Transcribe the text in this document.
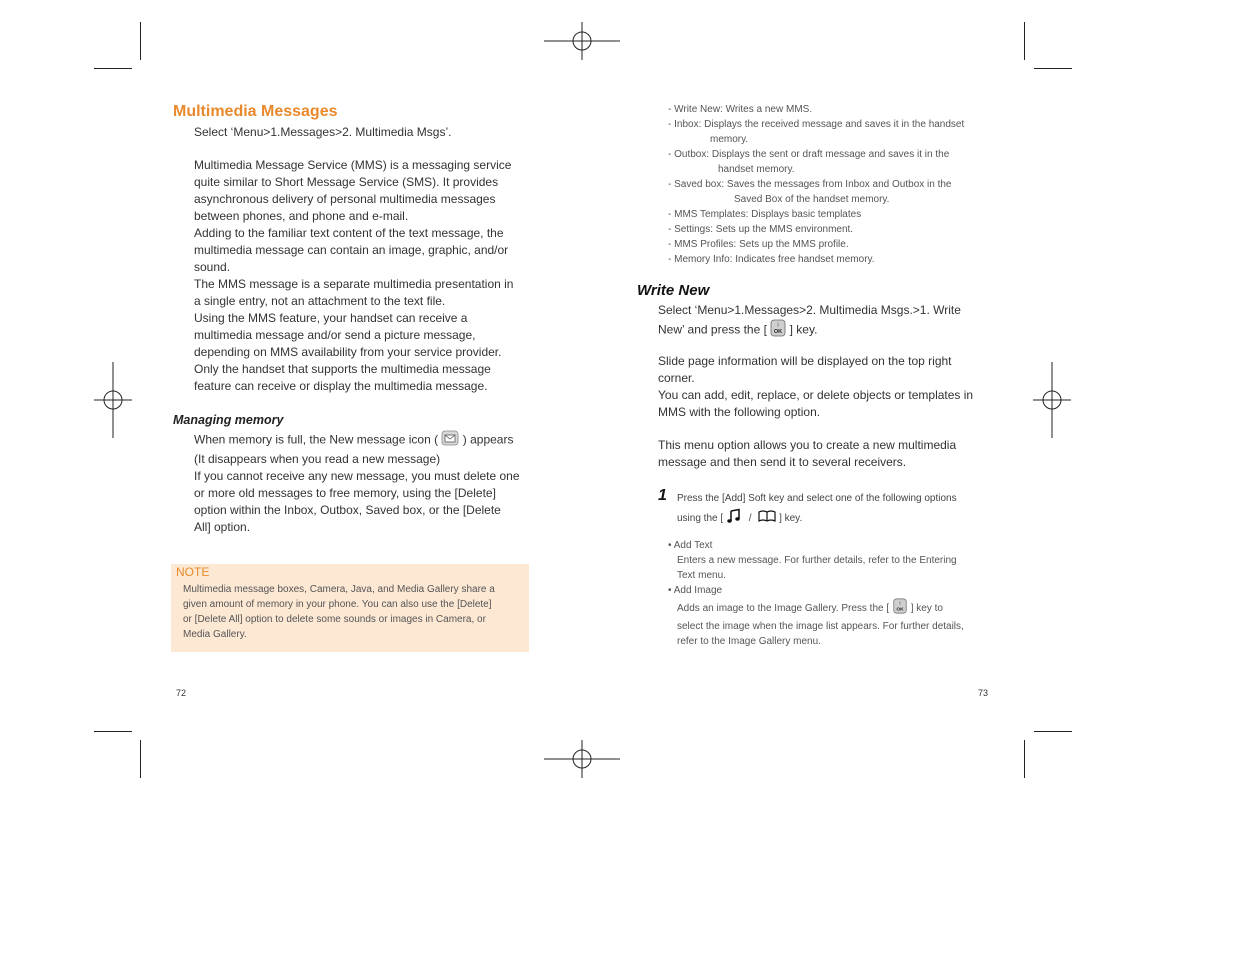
Multimedia Messages
Select ‘Menu>1.Messages>2. Multimedia Msgs’.

Multimedia Message Service (MMS) is a messaging service

quite similar to Short Message Service (SMS). It provides

asynchronous delivery of personal multimedia messages

between phones, and phone and e-mail.

Adding to the familiar text content of the text message, the

multimedia message can contain an image, graphic, and/or

sound.

The MMS message is a separate multimedia presentation in

a single entry, not an attachment to the text file.

Using the MMS feature, your handset can receive a

multimedia message and/or send a picture message,

depending on MMS availability from your service provider.

Only the handset that supports the multimedia message

feature can receive or display the multimedia message.

Managing memory

When memory is full, the New message icon ( ) appears

(It disappears when you read a new message)

If you cannot receive any new message, you must delete one

or more old messages to free memory, using the [Delete]

option within the Inbox, Outbox, Saved box, or the [Delete

All] option.

NOTE

Multimedia message boxes, Camera, Java, and Media Gallery share a

given amount of memory in your phone. You can also use the [Delete]

or [Delete All] option to delete some sounds or images in Camera, or

Media Gallery.

72

- Write New: Writes a new MMS.

- Inbox: Displays the received message and saves it in the handset

memory.

- Outbox: Displays the sent or draft message and saves it in the

handset memory.

- Saved box: Saves the messages from Inbox and Outbox in the

Saved Box of the handset memory.

- MMS Templates: Displays basic templates

- Settings: Sets up the MMS environment.

- MMS Profiles: Sets up the MMS profile.

- Memory Info: Indicates free handset memory.

Write New

Select ‘Menu>1.Messages>2. Multimedia Msgs.>1. Write

New’ and press the [ OK
i ] key.

Slide page information will be displayed on the top right

corner.

You can add, edit, replace, or delete objects or templates in

MMS with the following option.

This menu option allows you to create a new multimedia

message and then send it to several receivers.

1 Press the [Add] Soft key and select one of the following options

using the [	/	] key.

• Add Text

Enters a new message. For further details, refer to the Entering

Text menu.

• Add Image

Adds an image to the Image Gallery. Press the [ OK
i ] key to

select the image when the image list appears. For further details,

refer to the Image Gallery menu.

73
